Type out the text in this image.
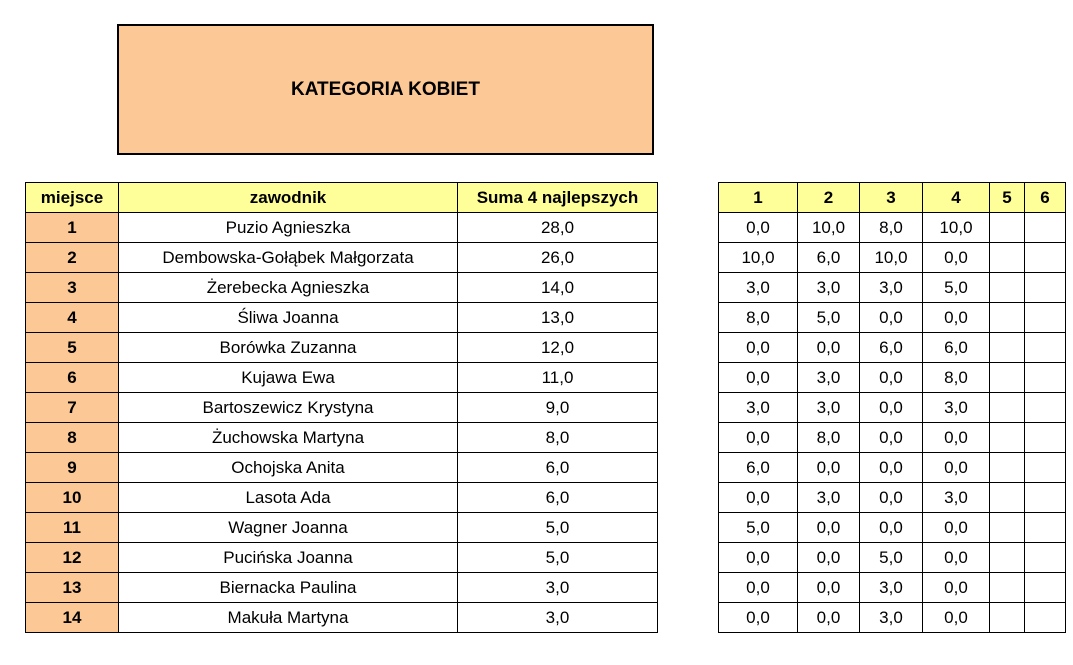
KATEGORIA KOBIET
miejsce	zawodnik	Suma 4 najlepszych
1	Puzio Agnieszka	28,0
2	Dembowska-Gołąbek Małgorzata	26,0
3	Żerebecka Agnieszka	14,0
4	Śliwa Joanna	13,0
5	Borówka Zuzanna	12,0
6	Kujawa Ewa	11,0
7	Bartoszewicz Krystyna	9,0
8	Żuchowska Martyna	8,0
9	Ochojska Anita	6,0
10	Lasota Ada	6,0
11	Wagner Joanna	5,0
12	Pucińska Joanna	5,0
13	Biernacka Paulina	3,0
14	Makuła Martyna	3,0
1	2	3	4	5	6
0,0	10,0	8,0	10,0		
10,0	6,0	10,0	0,0		
3,0	3,0	3,0	5,0		
8,0	5,0	0,0	0,0		
0,0	0,0	6,0	6,0		
0,0	3,0	0,0	8,0		
3,0	3,0	0,0	3,0		
0,0	8,0	0,0	0,0		
6,0	0,0	0,0	0,0		
0,0	3,0	0,0	3,0		
5,0	0,0	0,0	0,0		
0,0	0,0	5,0	0,0		
0,0	0,0	3,0	0,0		
0,0	0,0	3,0	0,0		
